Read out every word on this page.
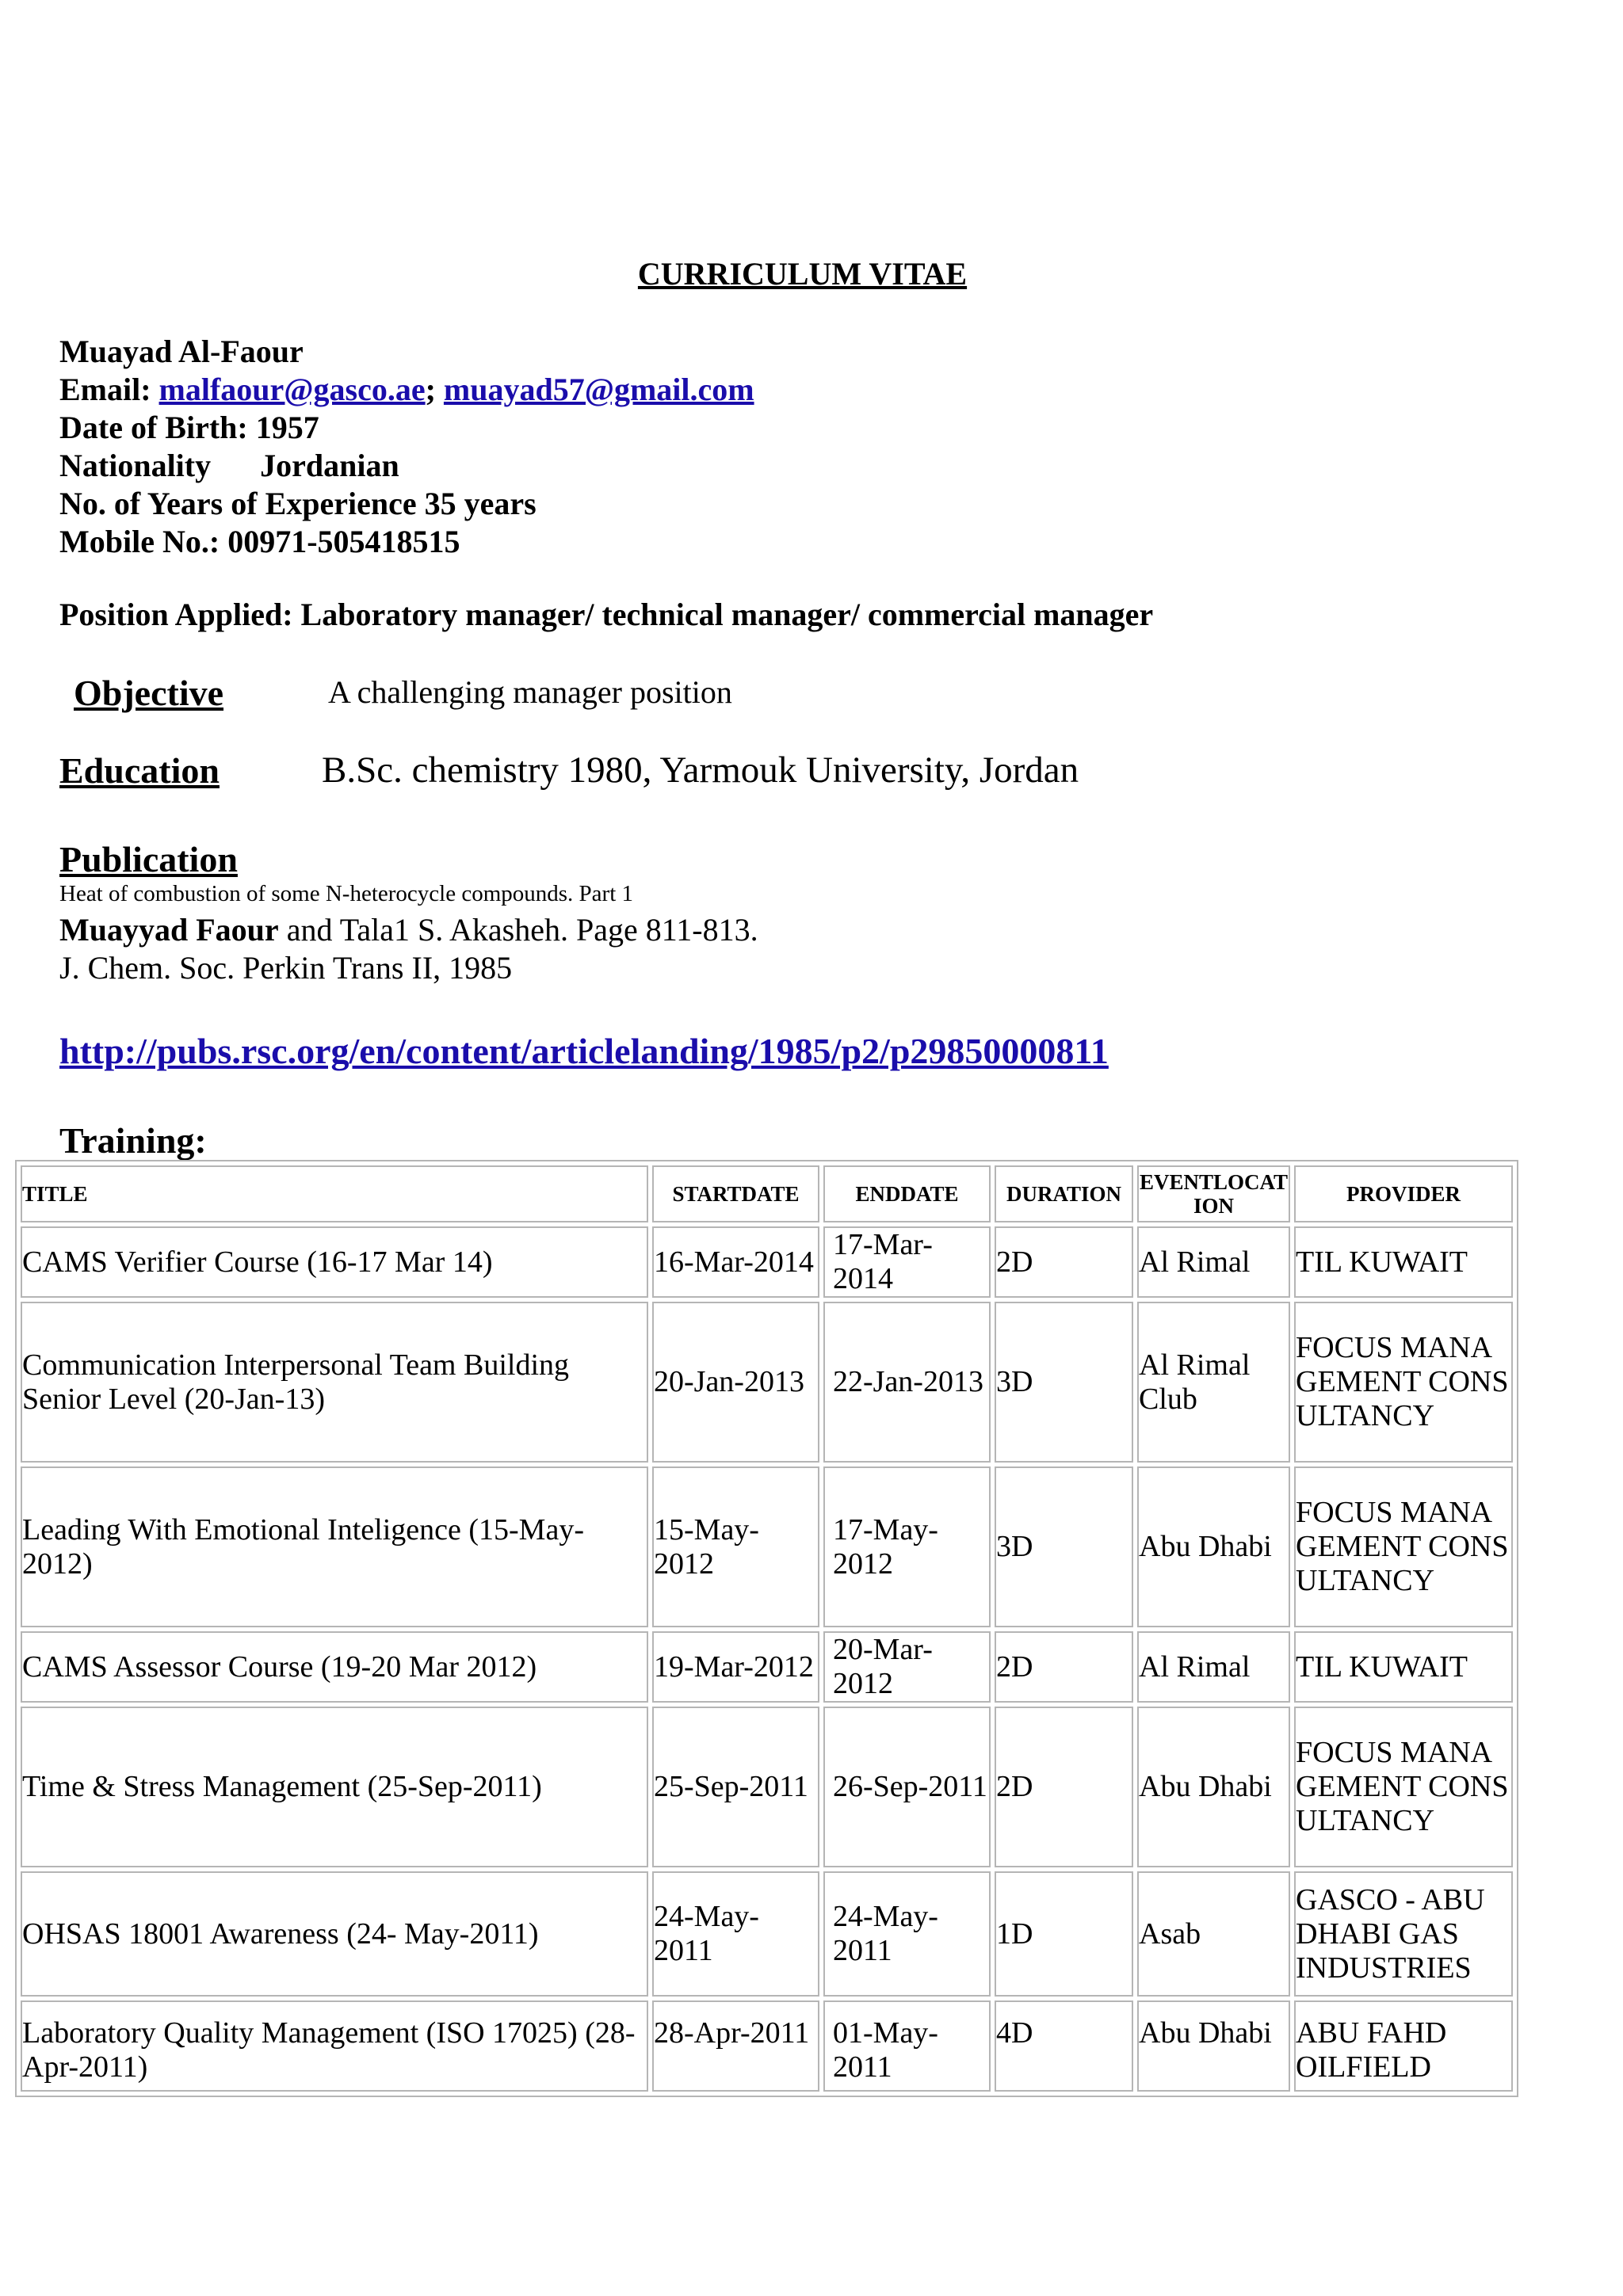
CURRICULUM VITAE
Muayad Al-Faour
Email: malfaour@gasco.ae; muayad57@gmail.com
Date of Birth: 1957
Nationality Jordanian
No. of Years of Experience 35 years
Mobile No.: 00971-505418515
Position Applied: Laboratory manager/ technical manager/ commercial manager
Objective	A challenging manager position
Education	B.Sc. chemistry 1980, Yarmouk University, Jordan
Publication
Heat of combustion of some N-heterocycle compounds. Part 1
Muayyad Faour and Tala1 S. Akasheh. Page 811-813.
J. Chem. Soc. Perkin Trans II, 1985
http://pubs.rsc.org/en/content/articlelanding/1985/p2/p29850000811
Training:
TITLE	STARTDATE	ENDDATE	DURATION	EVENTLOCATION	PROVIDER
CAMS Verifier Course (16-17 Mar 14)	16-Mar-2014	17-Mar-2014	2D	Al Rimal	TIL KUWAIT
Communication Interpersonal Team Building Senior Level (20-Jan-13)	20-Jan-2013	22-Jan-2013	3D	Al Rimal Club	FOCUS MANAGEMENT CONSULTANCY
Leading With Emotional Inteligence (15-May-2012)	15-May-2012	17-May-2012	3D	Abu Dhabi	FOCUS MANAGEMENT CONSULTANCY
CAMS Assessor Course (19-20 Mar 2012)	19-Mar-2012	20-Mar-2012	2D	Al Rimal	TIL KUWAIT
Time & Stress Management (25-Sep-2011)	25-Sep-2011	26-Sep-2011	2D	Abu Dhabi	FOCUS MANAGEMENT CONSULTANCY
OHSAS 18001 Awareness (24- May-2011)	24-May-2011	24-May-2011	1D	Asab	GASCO - ABU DHABI GAS INDUSTRIES
Laboratory Quality Management (ISO 17025) (28-Apr-2011)	28-Apr-2011	01-May-2011	4D	Abu Dhabi	ABU FAHD OILFIELD
